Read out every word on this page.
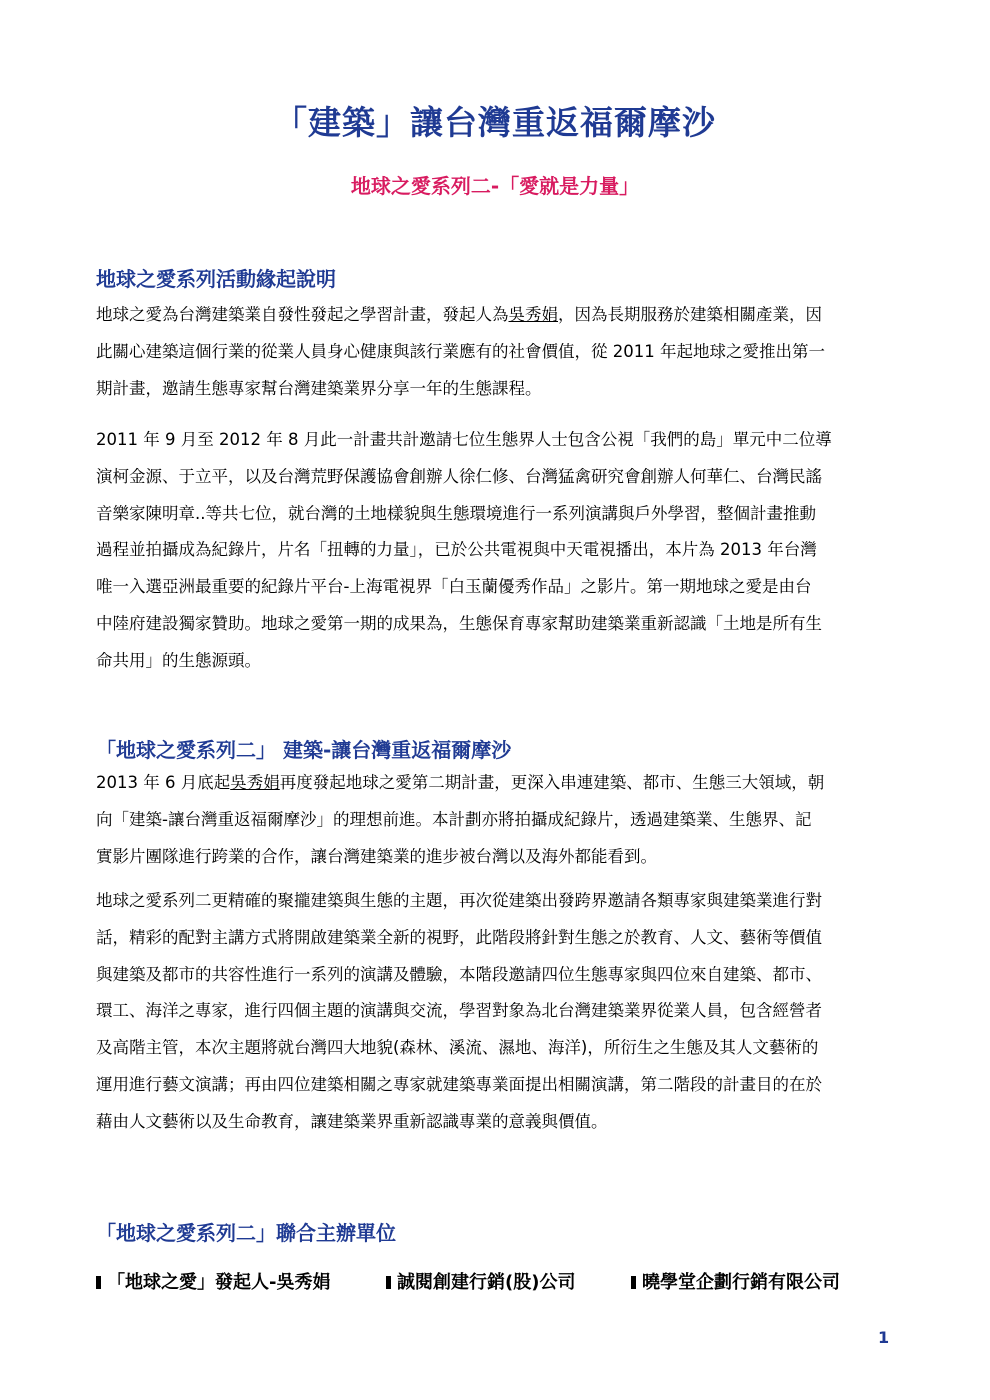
「建築」讓台灣重返福爾摩沙
地球之愛系列二-「愛就是力量」
地球之愛系列活動緣起說明
地球之愛為台灣建築業自發性發起之學習計畫，發起人為吳秀娟，因為長期服務於建築相關產業，因
此關心建築這個行業的從業人員身心健康與該行業應有的社會價值，從 2011 年起地球之愛推出第一
期計畫，邀請生態專家幫台灣建築業界分享一年的生態課程。
2011 年 9 月至 2012 年 8 月此一計畫共計邀請七位生態界人士包含公視「我們的島」單元中二位導
演柯金源、于立平，以及台灣荒野保護協會創辦人徐仁修、台灣猛禽研究會創辦人何華仁、台灣民謠
音樂家陳明章..等共七位，就台灣的土地樣貌與生態環境進行一系列演講與戶外學習，整個計畫推動
過程並拍攝成為紀錄片，片名「扭轉的力量」，已於公共電視與中天電視播出，本片為 2013 年台灣
唯一入選亞洲最重要的紀錄片平台-上海電視界「白玉蘭優秀作品」之影片。第一期地球之愛是由台
中陸府建設獨家贊助。地球之愛第一期的成果為，生態保育專家幫助建築業重新認識「土地是所有生
命共用」的生態源頭。
「地球之愛系列二」 建築-讓台灣重返福爾摩沙
2013 年 6 月底起吳秀娟再度發起地球之愛第二期計畫，更深入串連建築、都市、生態三大領域，朝
向「建築-讓台灣重返福爾摩沙」的理想前進。本計劃亦將拍攝成紀錄片，透過建築業、生態界、記
實影片團隊進行跨業的合作，讓台灣建築業的進步被台灣以及海外都能看到。
地球之愛系列二更精確的聚攏建築與生態的主題，再次從建築出發跨界邀請各類專家與建築業進行對
話，精彩的配對主講方式將開啟建築業全新的視野，此階段將針對生態之於教育、人文、藝術等價值
與建築及都市的共容性進行一系列的演講及體驗，本階段邀請四位生態專家與四位來自建築、都市、
環工、海洋之專家，進行四個主題的演講與交流，學習對象為北台灣建築業界從業人員，包含經營者
及高階主管，本次主題將就台灣四大地貌(森林、溪流、濕地、海洋)，所衍生之生態及其人文藝術的
運用進行藝文演講；再由四位建築相關之專家就建築專業面提出相關演講，第二階段的計畫目的在於
藉由人文藝術以及生命教育，讓建築業界重新認識專業的意義與價值。
「地球之愛系列二」聯合主辦單位
「地球之愛」發起人-吳秀娟	誠閱創建行銷(股)公司	曉學堂企劃行銷有限公司
1
